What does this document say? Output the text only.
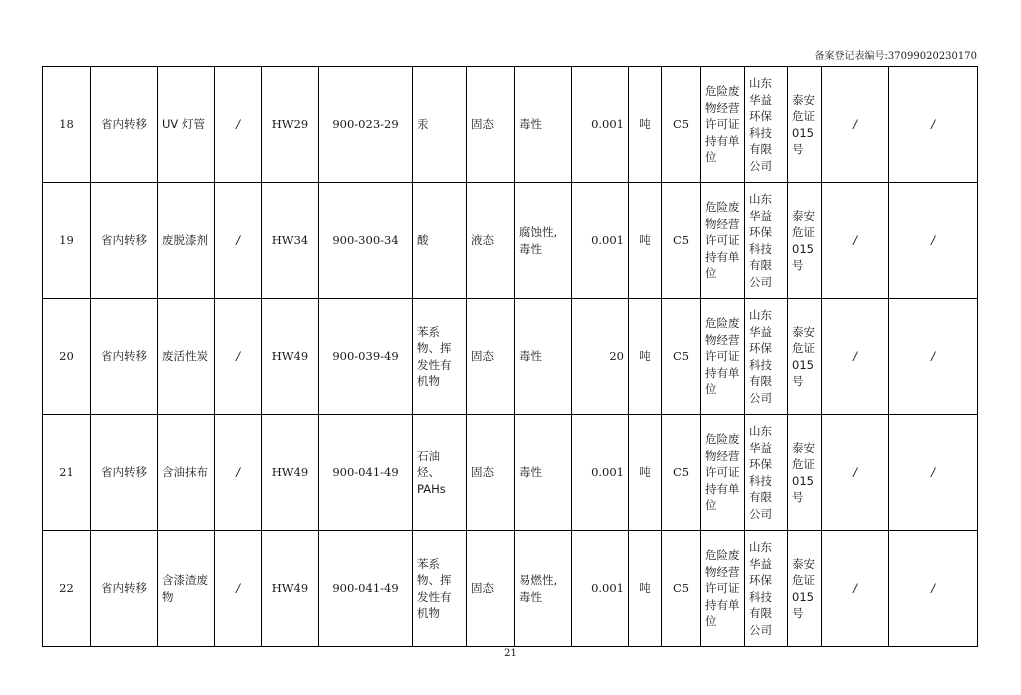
备案登记表编号:37099020230170
18	省内转移	UV 灯管	/	HW29	900-023-29	汞	固态	毒性	0.001	吨	C5	危险废物经营许可证持有单位	山东华益环保科技有限公司	泰安危证015号	/	/
19	省内转移	废脱漆剂	/	HW34	900-300-34	酸	液态	腐蚀性,毒性	0.001	吨	C5	危险废物经营许可证持有单位	山东华益环保科技有限公司	泰安危证015号	/	/
20	省内转移	废活性炭	/	HW49	900-039-49	苯系物、挥发性有机物	固态	毒性	20	吨	C5	危险废物经营许可证持有单位	山东华益环保科技有限公司	泰安危证015号	/	/
21	省内转移	含油抹布	/	HW49	900-041-49	石油烃、PAHs	固态	毒性	0.001	吨	C5	危险废物经营许可证持有单位	山东华益环保科技有限公司	泰安危证015号	/	/
22	省内转移	含漆渣废物	/	HW49	900-041-49	苯系物、挥发性有机物	固态	易燃性,毒性	0.001	吨	C5	危险废物经营许可证持有单位	山东华益环保科技有限公司	泰安危证015号	/	/
21
